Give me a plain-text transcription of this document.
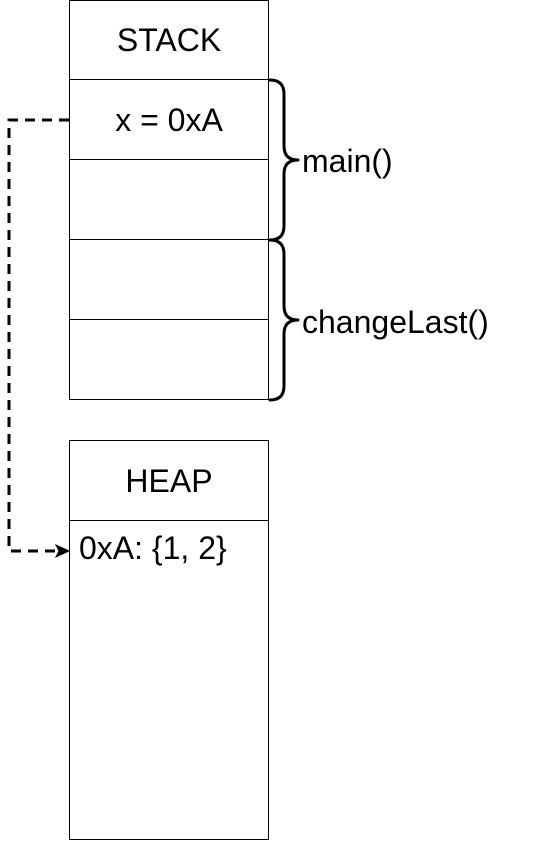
STACK
x = 0xA
HEAP
0xA: {1, 2}
main()
changeLast()
